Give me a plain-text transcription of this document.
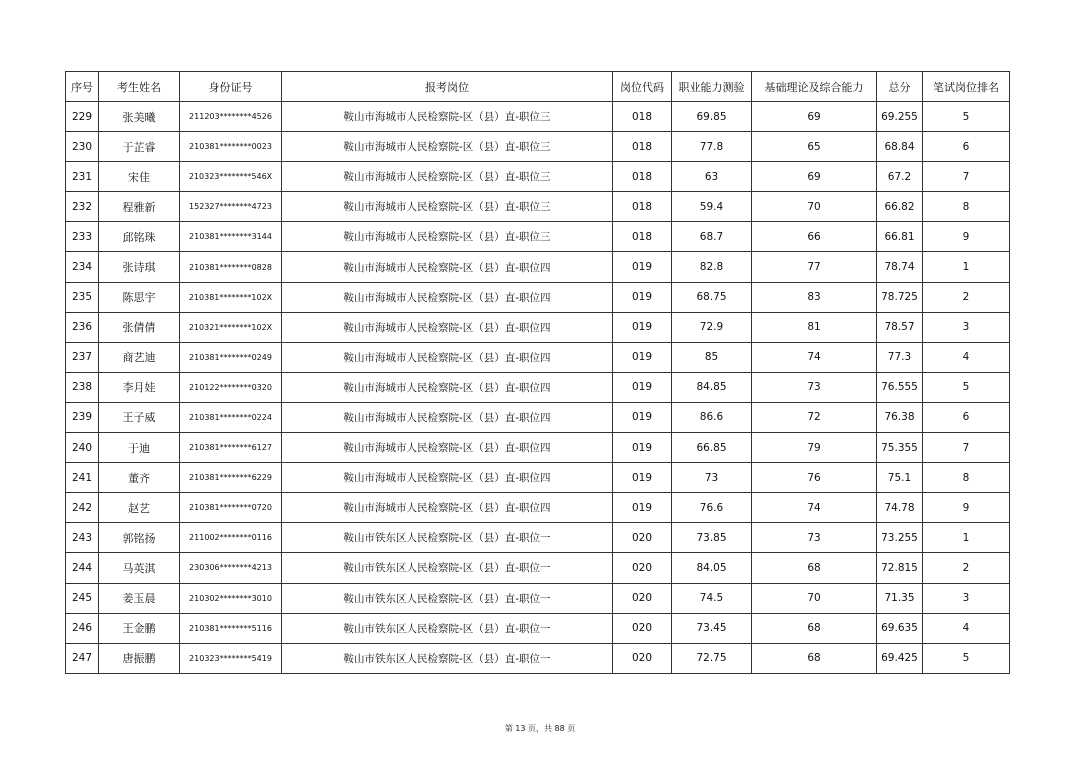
序号	考生姓名	身份证号	报考岗位	岗位代码	职业能力测验	基础理论及综合能力	总分	笔试岗位排名
229	张美曦	211203********4526	鞍山市海城市人民检察院-区（县）直-职位三	018	69.85	69	69.255	5
230	于芷睿	210381********0023	鞍山市海城市人民检察院-区（县）直-职位三	018	77.8	65	68.84	6
231	宋佳	210323********546X	鞍山市海城市人民检察院-区（县）直-职位三	018	63	69	67.2	7
232	程雅新	152327********4723	鞍山市海城市人民检察院-区（县）直-职位三	018	59.4	70	66.82	8
233	邱铭珠	210381********3144	鞍山市海城市人民检察院-区（县）直-职位三	018	68.7	66	66.81	9
234	张诗琪	210381********0828	鞍山市海城市人民检察院-区（县）直-职位四	019	82.8	77	78.74	1
235	陈思宇	210381********102X	鞍山市海城市人民检察院-区（县）直-职位四	019	68.75	83	78.725	2
236	张倩倩	210321********102X	鞍山市海城市人民检察院-区（县）直-职位四	019	72.9	81	78.57	3
237	商艺迪	210381********0249	鞍山市海城市人民检察院-区（县）直-职位四	019	85	74	77.3	4
238	李月娃	210122********0320	鞍山市海城市人民检察院-区（县）直-职位四	019	84.85	73	76.555	5
239	王子威	210381********0224	鞍山市海城市人民检察院-区（县）直-职位四	019	86.6	72	76.38	6
240	于迪	210381********6127	鞍山市海城市人民检察院-区（县）直-职位四	019	66.85	79	75.355	7
241	董齐	210381********6229	鞍山市海城市人民检察院-区（县）直-职位四	019	73	76	75.1	8
242	赵艺	210381********0720	鞍山市海城市人民检察院-区（县）直-职位四	019	76.6	74	74.78	9
243	郭铭扬	211002********0116	鞍山市铁东区人民检察院-区（县）直-职位一	020	73.85	73	73.255	1
244	马英淇	230306********4213	鞍山市铁东区人民检察院-区（县）直-职位一	020	84.05	68	72.815	2
245	姜玉晨	210302********3010	鞍山市铁东区人民检察院-区（县）直-职位一	020	74.5	70	71.35	3
246	王金鹏	210381********5116	鞍山市铁东区人民检察院-区（县）直-职位一	020	73.45	68	69.635	4
247	唐振鹏	210323********5419	鞍山市铁东区人民检察院-区（县）直-职位一	020	72.75	68	69.425	5
第 13 页，共 88 页
